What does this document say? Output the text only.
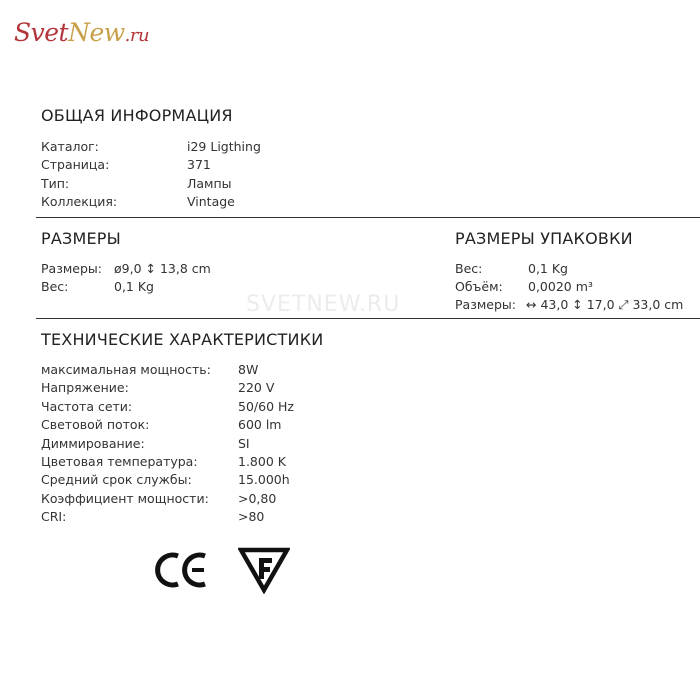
SvetNew.ru
ОБЩАЯ ИНФОРМАЦИЯ
Каталог:	i29 Ligthing
Страница:	371
Тип:	Лампы
Коллекция:	Vintage
РАЗМЕРЫ
Размеры: ø9,0 ↕ 13,8 cm
Вес:	0,1 Kg
РАЗМЕРЫ УПАКОВКИ
Вес:	0,1 Kg
Объём: 0,0020 m³
Размеры: ↔ 43,0 ↕ 17,0 ⤢ 33,0 cm
SVETNEW.RU
ТЕХНИЧЕСКИЕ ХАРАКТЕРИСТИКИ
максимальная мощность: 8W
Напряжение:	220 V
Частота сети:	50/60 Hz
Световой поток:	600 lm
Диммирование:	SI
Цветовая температура:	1.800 K
Средний срок службы:	15.000h
Коэффициент мощности: >0,80
CRI:	>80
